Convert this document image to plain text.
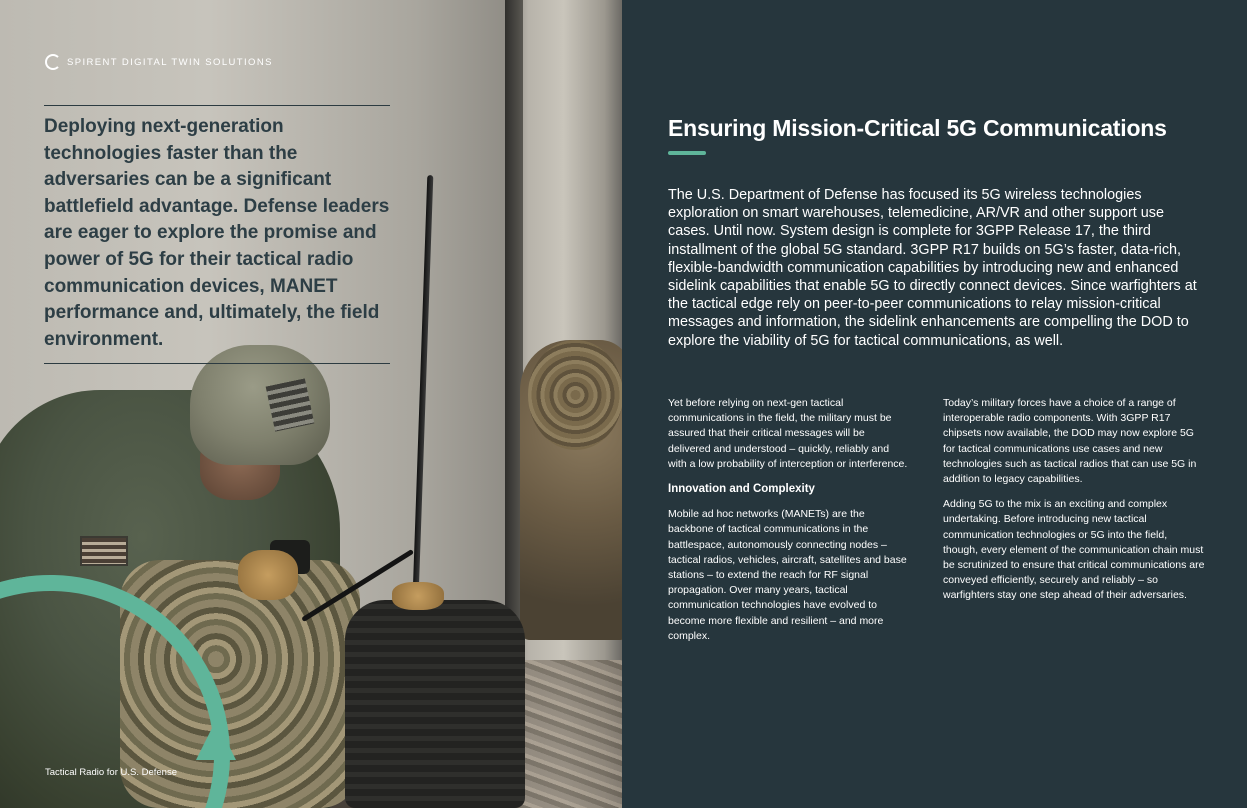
SPIRENT DIGITAL TWIN SOLUTIONS
Deploying next-generation technologies faster than the adversaries can be a significant battlefield advantage. Defense leaders are eager to explore the promise and power of 5G for their tactical radio communication devices, MANET performance and, ultimately, the field environment.
Tactical Radio for U.S. Defense
Ensuring Mission-Critical 5G Communications

The U.S. Department of Defense has focused its 5G wireless technologies exploration on smart warehouses, telemedicine, AR/VR and other support use cases. Until now. System design is complete for 3GPP Release 17, the third installment of the global 5G standard. 3GPP R17 builds on 5G’s faster, data-rich, flexible-bandwidth communication capabilities by introducing new and enhanced sidelink capabilities that enable 5G to directly connect devices. Since warfighters at the tactical edge rely on peer-to-peer communications to relay mission-critical messages and information, the sidelink enhancements are compelling the DOD to explore the viability of 5G for tactical communications, as well.

Yet before relying on next-gen tactical communications in the field, the military must be assured that their critical messages will be delivered and understood – quickly, reliably and with a low probability of interception or interference.

Innovation and Complexity

Mobile ad hoc networks (MANETs) are the backbone of tactical communications in the battlespace, autonomously connecting nodes – tactical radios, vehicles, aircraft, satellites and base stations – to extend the reach for RF signal propagation. Over many years, tactical communication technologies have evolved to become more flexible and resilient – and more complex.

Today’s military forces have a choice of a range of interoperable radio components. With 3GPP R17 chipsets now available, the DOD may now explore 5G for tactical communications use cases and new technologies such as tactical radios that can use 5G in addition to legacy capabilities.

Adding 5G to the mix is an exciting and complex undertaking. Before introducing new tactical communication technologies or 5G into the field, though, every element of the communication chain must be scrutinized to ensure that critical communications are conveyed efficiently, securely and reliably – so warfighters stay one step ahead of their adversaries.
